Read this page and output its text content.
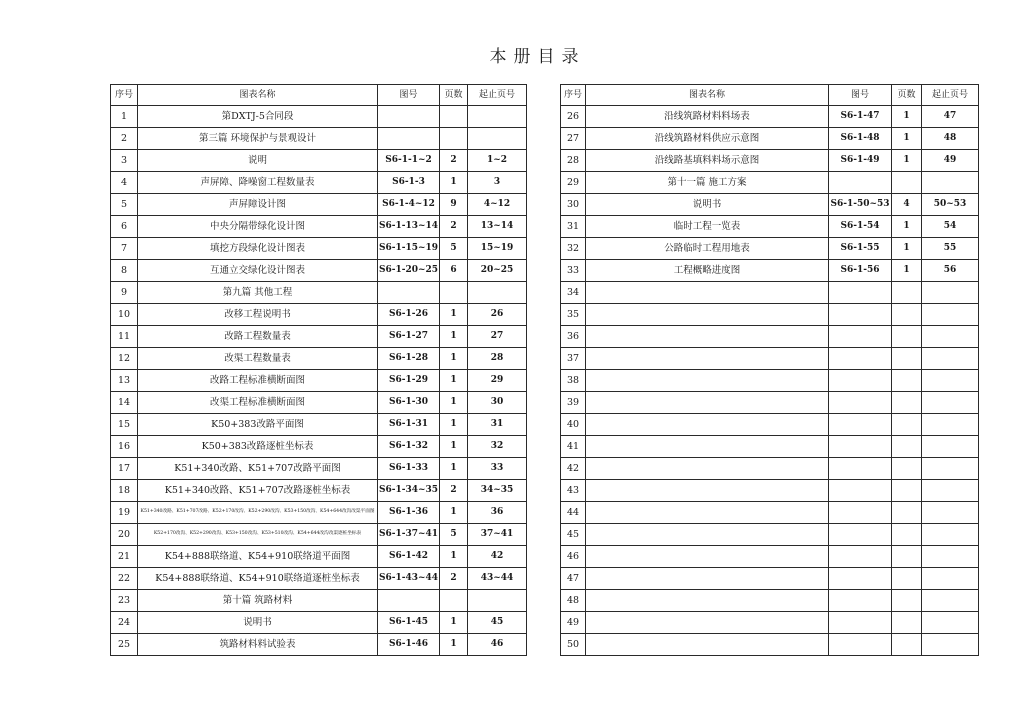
本册目录
序号	图表名称	图号	页数	起止页号
1	第DXTJ-5合同段			
2	第三篇 环境保护与景观设计			
3	说明	S6-1-1~2	2	1~2
4	声屏障、降噪窗工程数量表	S6-1-3	1	3
5	声屏障设计图	S6-1-4~12	9	4~12
6	中央分隔带绿化设计图	S6-1-13~14	2	13~14
7	填挖方段绿化设计图表	S6-1-15~19	5	15~19
8	互通立交绿化设计图表	S6-1-20~25	6	20~25
9	第九篇 其他工程			
10	改移工程说明书	S6-1-26	1	26
11	改路工程数量表	S6-1-27	1	27
12	改渠工程数量表	S6-1-28	1	28
13	改路工程标准横断面图	S6-1-29	1	29
14	改渠工程标准横断面图	S6-1-30	1	30
15	K50+383改路平面图	S6-1-31	1	31
16	K50+383改路逐桩坐标表	S6-1-32	1	32
17	K51+340改路、K51+707改路平面图	S6-1-33	1	33
18	K51+340改路、K51+707改路逐桩坐标表	S6-1-34~35	2	34~35
19	K51+340改路、K51+707改路、K52+170改沟、K52+290改沟、K53+150改沟、K54+644改沟改渠平面图	S6-1-36	1	36
20	K52+170改沟、K52+290改沟、K53+150改沟、K53+510改沟、K54+644改沟改渠逐桩坐标表	S6-1-37~41	5	37~41
21	K54+888联络道、K54+910联络道平面图	S6-1-42	1	42
22	K54+888联络道、K54+910联络道逐桩坐标表	S6-1-43~44	2	43~44
23	第十篇 筑路材料			
24	说明书	S6-1-45	1	45
25	筑路材料料试验表	S6-1-46	1	46
序号	图表名称	图号	页数	起止页号
26	沿线筑路材料料场表	S6-1-47	1	47
27	沿线筑路材料供应示意图	S6-1-48	1	48
28	沿线路基填料料场示意图	S6-1-49	1	49
29	第十一篇 施工方案			
30	说明书	S6-1-50~53	4	50~53
31	临时工程一览表	S6-1-54	1	54
32	公路临时工程用地表	S6-1-55	1	55
33	工程概略进度图	S6-1-56	1	56
34				
35				
36				
37				
38				
39				
40				
41				
42				
43				
44				
45				
46				
47				
48				
49				
50				
